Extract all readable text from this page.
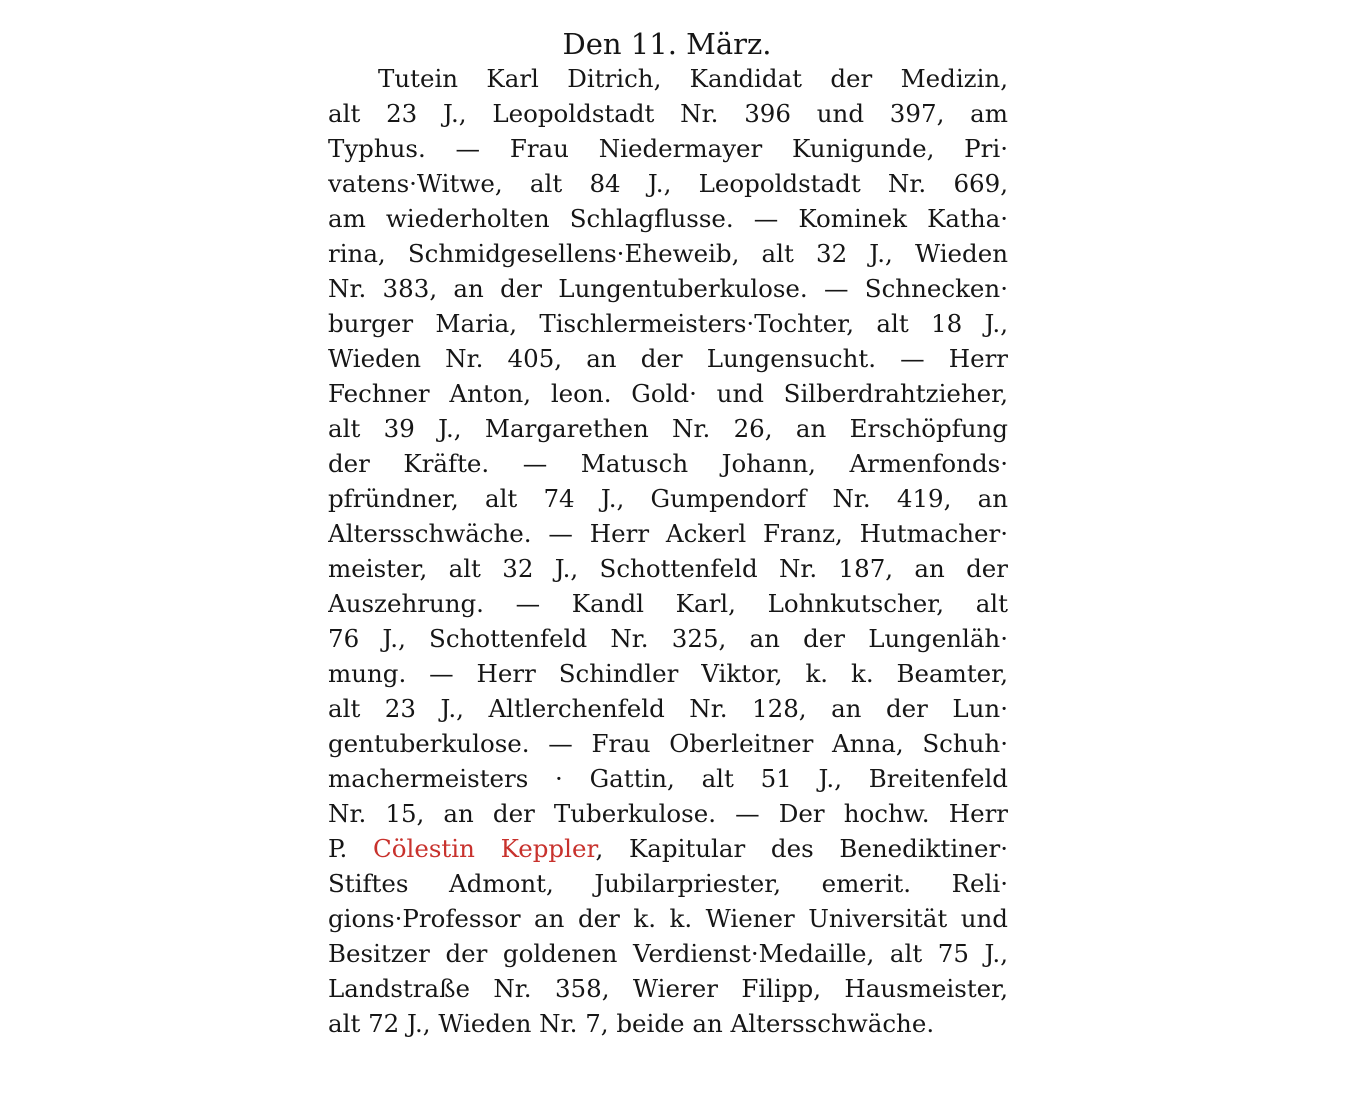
Den 11. März.
Tutein Karl Ditrich, Kandidat der Medizin,
alt 23 J., Leopoldstadt Nr. 396 und 397, am
Typhus. — Frau Niedermayer Kunigunde, Pri·
vatens·Witwe, alt 84 J., Leopoldstadt Nr. 669,
am wiederholten Schlagflusse. — Kominek Katha·
rina, Schmidgesellens·Eheweib, alt 32 J., Wieden
Nr. 383, an der Lungentuberkulose. — Schnecken·
burger Maria, Tischlermeisters·Tochter, alt 18 J.,
Wieden Nr. 405, an der Lungensucht. — Herr
Fechner Anton, leon. Gold· und Silberdrahtzieher,
alt 39 J., Margarethen Nr. 26, an Erschöpfung
der Kräfte. — Matusch Johann, Armenfonds·
pfründner, alt 74 J., Gumpendorf Nr. 419, an
Altersschwäche. — Herr Ackerl Franz, Hutmacher·
meister, alt 32 J., Schottenfeld Nr. 187, an der
Auszehrung. — Kandl Karl, Lohnkutscher, alt
76 J., Schottenfeld Nr. 325, an der Lungenläh·
mung. — Herr Schindler Viktor, k. k. Beamter,
alt 23 J., Altlerchenfeld Nr. 128, an der Lun·
gentuberkulose. — Frau Oberleitner Anna, Schuh·
machermeisters · Gattin, alt 51 J., Breitenfeld
Nr. 15, an der Tuberkulose. — Der hochw. Herr
P. Cölestin Keppler, Kapitular des Benediktiner·
Stiftes Admont, Jubilarpriester, emerit. Reli·
gions·Professor an der k. k. Wiener Universität und
Besitzer der goldenen Verdienst·Medaille, alt 75 J.,
Landstraße Nr. 358, Wierer Filipp, Hausmeister,
alt 72 J., Wieden Nr. 7, beide an Altersschwäche.
